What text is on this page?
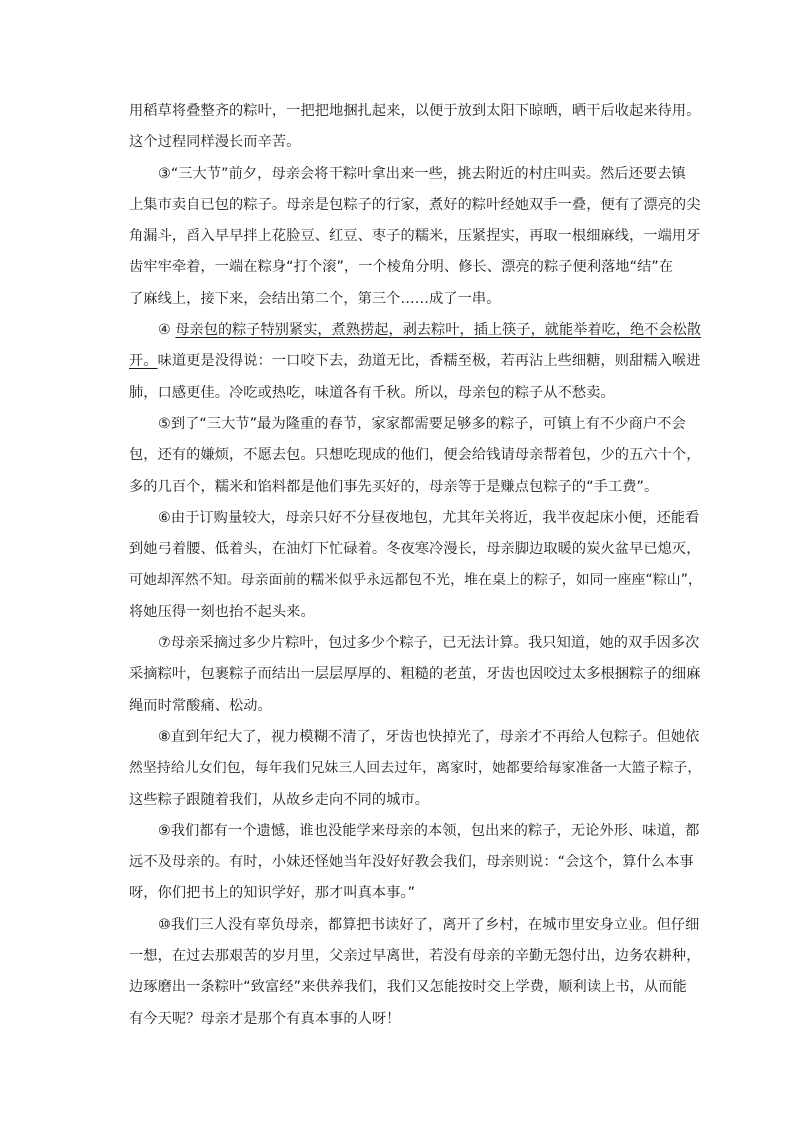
用稻草将叠整齐的粽叶，一把把地捆扎起来，以便于放到太阳下晾晒，晒干后收起来待用。
这个过程同样漫长而辛苦。
③“三大节”前夕，母亲会将干粽叶拿出来一些，挑去附近的村庄叫卖。然后还要去镇
上集市卖自已包的粽子。母亲是包粽子的行家，煮好的粽叶经她双手一叠，便有了漂亮的尖
角漏斗，舀入早早拌上花脸豆、红豆、枣子的糯米，压紧捏实，再取一根细麻线，一端用牙
齿牢牢牵着，一端在粽身“打个滚”，一个棱角分明、修长、漂亮的粽子便利落地“结”在
了麻线上，接下来，会结出第二个，第三个……成了一串。
④ 母亲包的粽子特别紧实，煮熟捞起，剥去粽叶，插上筷子，就能举着吃，绝不会松散
开。味道更是没得说：一口咬下去，劲道无比，香糯至极，若再沾上些细糖，则甜糯入喉进
肺，口感更佳。冷吃或热吃，味道各有千秋。所以，母亲包的粽子从不愁卖。
⑤到了“三大节”最为隆重的春节，家家都需要足够多的粽子，可镇上有不少商户不会
包，还有的嫌烦，不愿去包。只想吃现成的他们，便会给钱请母亲帮着包，少的五六十个，
多的几百个，糯米和馅料都是他们事先买好的，母亲等于是赚点包粽子的“手工费”。
⑥由于订购量较大，母亲只好不分昼夜地包，尤其年关将近，我半夜起床小便，还能看
到她弓着腰、低着头，在油灯下忙碌着。冬夜寒冷漫长，母亲脚边取暖的炭火盆早已熄灭，
可她却浑然不知。母亲面前的糯米似乎永远都包不光，堆在桌上的粽子，如同一座座“粽山”，
将她压得一刻也抬不起头来。
⑦母亲采摘过多少片粽叶，包过多少个粽子，已无法计算。我只知道，她的双手因多次
采摘粽叶，包裹粽子而结出一层层厚厚的、粗糙的老茧，牙齿也因咬过太多根捆粽子的细麻
绳而时常酸痛、松动。
⑧直到年纪大了，视力模糊不清了，牙齿也快掉光了，母亲才不再给人包粽子。但她依
然坚持给儿女们包，每年我们兄妹三人回去过年，离家时，她都要给每家准备一大篮子粽子，
这些粽子跟随着我们，从故乡走向不同的城市。
⑨我们都有一个遗憾，谁也没能学来母亲的本领，包出来的粽子，无论外形、味道，都
远不及母亲的。有时，小妹还怪她当年没好好教会我们，母亲则说：“会这个，算什么本事
呀，你们把书上的知识学好，那才叫真本事。”
⑩我们三人没有辜负母亲，都算把书读好了，离开了乡村，在城市里安身立业。但仔细
一想，在过去那艰苦的岁月里，父亲过早离世，若没有母亲的辛勤无怨付出，边务农耕种，
边琢磨出一条粽叶“致富经”来供养我们，我们又怎能按时交上学费，顺利读上书，从而能
有今天呢？母亲才是那个有真本事的人呀！
